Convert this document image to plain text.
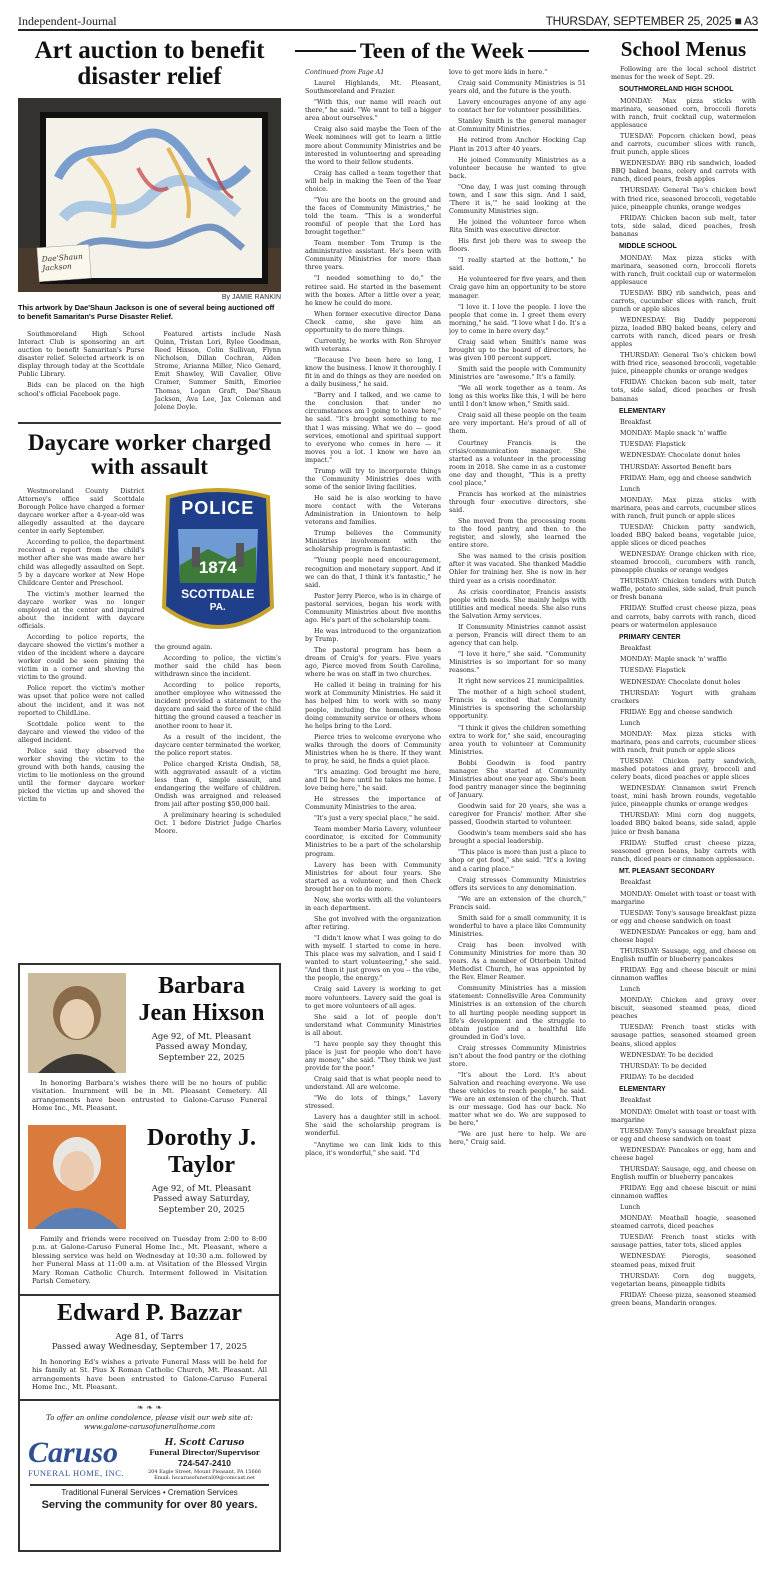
Independent-Journal	THURSDAY, SEPTEMBER 25, 2025 ■ A3
Art auction to benefit disaster relief
Dae'Shaun Jackson
By JAMIE RANKIN
This artwork by Dae'Shaun Jackson is one of several being auctioned off to benefit Samaritan's Purse Disaster Relief.

Southmoreland High School Interact Club is sponsoring an art auction to benefit Samaritan's Purse disaster relief. Selected artwork is on display through today at the Scottdale Public Library.

Bids can be placed on the high school's official Facebook page.

Featured artists include Nash Quinn, Tristan Lori, Rylee Goodman, Reed Hixson, Colin Sullivan, Flynn Nicholson, Dillan Cochran, Aiden Strome, Arianna Miller, Nico Genard, Emit Shawley, Will Cavalier, Olive Cramer, Summer Smith, Emoriee Thomas, Logan Graft, Dae'Shaun Jackson, Ava Lee, Jax Coleman and Jolene Doyle.

Daycare worker charged with assault

Westmoreland County District Attorney's office said Scottdale Borough Police have charged a former daycare worker after a 4-year-old was allegedly assaulted at the daycare center in early September.

According to police, the department received a report from the child's mother after she was made aware her child was allegedly assaulted on Sept. 5 by a daycare worker at New Hope Childcare Center and Preschool.

The victim's mother learned the daycare worker was no longer employed at the center and inquired about the incident with daycare officials.

According to police reports, the daycare showed the victim's mother a video of the incident where a daycare worker could be seen pinning the victim in a corner and shoving the victim to the ground.

Police report the victim's mother was upset that police were not called about the incident, and it was not reported to ChildLine.

Scottdale police went to the daycare and viewed the video of the alleged incident.

Police said they observed the worker shoving the victim to the ground with both hands, causing the victim to lie motionless on the ground until the former daycare worker picked the victim up and shoved the victim to

POLICE
1874
SCOTTDALE
PA.

the ground again.

According to police, the victim's mother said the child has been withdrawn since the incident.

According to police reports, another employee who witnessed the incident provided a statement to the daycare and said the force of the child hitting the ground caused a teacher in another room to hear it.

As a result of the incident, the daycare center terminated the worker, the police report states.

Police charged Krista Ondish, 58, with aggravated assault of a victim less than 6, simple assault, and endangering the welfare of children. Ondish was arraigned and released from jail after posting $50,000 bail.

A preliminary hearing is scheduled Oct. 1 before District Judge Charles Moore.

Barbara Jean Hixson
Age 92, of Mt. Pleasant
Passed away Monday,
September 22, 2025
In honoring Barbara's wishes there will be no hours of public visitation. Inurnment will be in Mt. Pleasant Cemetery. All arrangements have been entrusted to Galone-Caruso Funeral Home Inc., Mt. Pleasant.
Dorothy J. Taylor
Age 92, of Mt. Pleasant
Passed away Saturday,
September 20, 2025
Family and friends were received on Tuesday from 2:00 to 8:00 p.m. at Galone-Caruso Funeral Home Inc., Mt. Pleasant, where a blessing service was held on Wednesday at 10:30 a.m. followed by her Funeral Mass at 11:00 a.m. at Visitation of the Blessed Virgin Mary Roman Catholic Church. Interment followed in Visitation Parish Cemetery.
Edward P. Bazzar
Age 81, of Tarrs
Passed away Wednesday, September 17, 2025
In honoring Ed's wishes a private Funeral Mass will be held for his family at St. Pius X Roman Catholic Church, Mt. Pleasant. All arrangements have been entrusted to Galone-Caruso Funeral Home Inc., Mt. Pleasant.
❧ ❧ ❧
To offer an online condolence, please visit our web site at: www.galone-carusofuneralhome.com
Caruso
FUNERAL HOME, INC.
H. Scott Caruso
Funeral Director/Supervisor
724-547-2410
204 Eagle Street, Mount Pleasant, PA 15666
Email: hscarusofuneral09@comcast.net
Traditional Funeral Services • Cremation Services
Serving the community for over 80 years.
Teen of the Week

Continued from Page A1

Laurel Highlands, Mt. Pleasant, Southmoreland and Frazier.

"With this, our name will reach out there," he said. "We want to tell a bigger area about ourselves."

Craig also said maybe the Teen of the Week nominees will get to learn a little more about Community Ministries and be interested in volunteering and spreading the word to their fellow students.

Craig has called a team together that will help in making the Teen of the Year choice.

"You are the boots on the ground and the faces of Community Ministries," he told the team. "This is a wonderful roomful of people that the Lord has brought together."

Team member Tom Trump is the administrative assistant. He's been with Community Ministries for more than three years.

"I needed something to do," the retiree said. He started in the basement with the boxes. After a little over a year, he knew he could do more.

When former executive director Dana Check came, she gave him an opportunity to do more things.

Currently, he works with Ron Shroyer with veterans.

"Because I've been here so long, I know the business. I know it thoroughly. I fit in and do things as they are needed on a daily business," he said.

"Barry and I talked, and we came to the conclusion that under no circumstances am I going to leave here," he said. "It's brought something to me that I was missing. What we do — good services, emotional and spiritual support to everyone who comes in here — it moves you a lot. I know we have an impact."

Trump will try to incorporate things the Community Ministries does with some of the senior living facilities.

He said he is also working to have more contact with the Veterans Administration in Uniontown to help veterans and families.

Trump believes the Community Ministries involvement with the scholarship program is fantastic.

"Young people need encouragement, recognition and monetary support. And if we can do that, I think it's fantastic," he said.

Pastor Jerry Pierce, who is in charge of pastoral services, began his work with Community Ministries about five months ago. He's part of the scholarship team.

He was introduced to the organization by Trump.

The pastoral program has been a dream of Craig's for years. Five years ago, Pierce moved from South Carolina, where he was on staff in two churches.

He called it being in training for his work at Community Ministries. He said it has helped him to work with so many people, including the homeless, those doing community service or others whom he helps bring to the Lord.

Pierce tries to welcome everyone who walks through the doors of Community Ministries when he is there. If they want to pray, he said, he finds a quiet place.

"It's amazing. God brought me here, and I'll be here until he takes me home. I love being here," he said.

He stresses the importance of Community Ministries to the area.

"It's just a very special place," he said.

Team member Maria Lavery, volunteer coordinator, is excited for Community Ministries to be a part of the scholarship program.

Lavery has been with Community Ministries for about four years. She started as a volunteer, and then Check brought her on to do more.

Now, she works with all the volunteers in each department.

She got involved with the organization after retiring.

"I didn't know what I was going to do with myself. I started to come in here. This place was my salvation, and I said I wanted to start volunteering," she said. "And then it just grows on you -- the vibe, the people, the energy."

Craig said Lavery is working to get more volunteers. Lavery said the goal is to get more volunteers of all ages.

She said a lot of people don't understand what Community Ministries is all about.

"I have people say they thought this place is just for people who don't have any money," she said. "They think we just provide for the poor."

Craig said that is what people need to understand. All are welcome.

"We do lots of things," Lavery stressed.

Lavery has a daughter still in school. She said the scholarship program is wonderful.

"Anytime we can link kids to this place, it's wonderful," she said. "I'd

love to get more kids in here."

Craig said Community Ministries is 51 years old, and the future is the youth.

Lavery encourages anyone of any age to contact her for volunteer possibilities.

Stanley Smith is the general manager at Community Ministries.

He retired from Anchor Hocking Cap Plant in 2013 after 40 years.

He joined Community Ministries as a volunteer because he wanted to give back.

"One day, I was just coming through town, and I saw this sign. And I said, 'There it is,'" he said looking at the Community Ministries sign.

He joined the volunteer force when Rita Smith was executive director.

His first job there was to sweep the floors.

"I really started at the bottom," he said.

He volunteered for five years, and then Craig gave him an opportunity to be store manager.

"I love it. I love the people. I love the people that come in. I greet them every morning," he said. "I love what I do. It's a joy to come in here every day."

Craig said when Smith's name was brought up to the board of directors, he was given 100 percent support.

Smith said the people with Community Ministries are "awesome." It's a family.

"We all work together as a team. As long as this works like this, I will be here until I don't know when," Smith said.

Craig said all these people on the team are very important. He's proud of all of them.

Courtney Francis is the crisis/communication manager. She started as a volunteer in the processing room in 2018. She came in as a customer one day and thought, "This is a pretty cool place."

Francis has worked at the ministries through four executive directors, she said.

She moved from the processing room to the food pantry, and then to the register, and slowly, she learned the entire store.

She was named to the crisis position after it was vacated. She thanked Maddie Ohler for training her. She is now in her third year as a crisis coordinator.

As crisis coordinator, Francis assists people with needs. She mainly helps with utilities and medical needs. She also runs the Salvation Army services.

If Community Ministries cannot assist a person, Francis will direct them to an agency that can help.

"I love it here," she said. "Community Ministries is so important for so many reasons."

It right now services 21 municipalities.

The mother of a high school student, Francis is excited that Community Ministries is sponsoring the scholarship opportunity.

"I think it gives the children something extra to work for," she said, encouraging area youth to volunteer at Community Ministries.

Bobbi Goodwin is food pantry manager. She started at Community Ministries about one year ago. She's been food pantry manager since the beginning of January.

Goodwin said for 20 years, she was a caregiver for Francis' mother. After she passed, Goodwin started to volunteer.

Goodwin's team members said she has brought a special leadership.

"This place is more than just a place to shop or get food," she said. "It's a loving and a caring place."

Craig stresses Community Ministries offers its services to any denomination.

"We are an extension of the church," Francis said.

Smith said for a small community, it is wonderful to have a place like Community Ministries.

Craig has been involved with Community Ministries for more than 30 years. As a member of Otterbein United Methodist Church, he was appointed by the Rev. Elmer Reamer.

Community Ministries has a mission statement: Connellsville Area Community Ministries is an extension of the church to all hurting people needing support in life's development and the struggle to obtain justice and a healthful life grounded in God's love.

Craig stresses Community Ministries isn't about the food pantry or the clothing store.

"It's about the Lord. It's about Salvation and reaching everyone. We use these vehicles to reach people," he said. "We are an extension of the church. That is our message. God has our back. No matter what we do. We are supposed to be here."

"We are just here to help. We are here," Craig said.

School Menus

Following are the local school district menus for the week of Sept. 29.

SOUTHMORELAND HIGH SCHOOL

MONDAY: Max pizza sticks with marinara, seasoned corn, broccoli florets with ranch, fruit cocktail cup, watermelon applesauce

TUESDAY: Popcorn chicken bowl, peas and carrots, cucumber slices with ranch, fruit punch, apple slices

WEDNESDAY: BBQ rib sandwich, loaded BBQ baked beans, celery and carrots with ranch, diced pears, fresh apples

THURSDAY: General Tso's chicken bowl with fried rice, seasoned broccoli, vegetable juice, pineapple chunks, orange wedges

FRIDAY: Chicken bacon sub melt, tater tots, side salad, diced peaches, fresh bananas

MIDDLE SCHOOL

MONDAY: Max pizza sticks with marinara, seasoned corn, broccoli florets with ranch, fruit cocktail cup or watermelon applesauce

TUESDAY: BBQ rib sandwich, peas and carrots, cucumber slices with ranch, fruit punch or apple slices

WEDNESDAY: Big Daddy pepperoni pizza, loaded BBQ baked beans, celery and carrots with ranch, diced pears or fresh apples

THURSDAY: General Tso's chicken bowl with fried rice, seasoned broccoli, vegetable juice, pineapple chunks or orange wedges

FRIDAY: Chicken bacon sub melt, tater tots, side salad, diced peaches or fresh bananas

ELEMENTARY

Breakfast

MONDAY: Maple snack 'n' waffle

TUESDAY: Flapstick

WEDNESDAY: Chocolate donut holes

THURSDAY: Assorted Benefit bars

FRIDAY: Ham, egg and cheese sandwich

Lunch

MONDAY: Max pizza sticks with marinara, peas and carrots, cucumber slices with ranch, fruit punch or apple slices

TUESDAY: Chicken patty sandwich, loaded BBQ baked beans, vegetable juice, apple slices or diced peaches

WEDNESDAY: Orange chicken with rice, steamed broccoli, cucumbers with ranch, pineapple chunks or orange wedges

THURSDAY: Chicken tenders with Dutch waffle, potato smiles, side salad, fruit punch or fresh banana

FRIDAY: Stuffed crust cheese pizza, peas and carrots, baby carrots with ranch, diced pears or watermelon applesauce

PRIMARY CENTER

Breakfast

MONDAY: Maple snack 'n' waffle

TUESDAY: Flapstick

WEDNESDAY: Chocolate donut holes

THURSDAY: Yogurt with graham crackers

FRIDAY: Egg and cheese sandwich

Lunch

MONDAY: Max pizza sticks with marinara, peas and carrots, cucumber slices with ranch, fruit punch or apple slices

TUESDAY: Chicken patty sandwich, mashed potatoes and gravy, broccoli and celery boats, diced peaches or apple slices

WEDNESDAY: Cinnamon swirl French toast, mini hash brown rounds, vegetable juice, pineapple chunks or orange wedges

THURSDAY: Mini corn dog nuggets, loaded BBQ baked beans, side salad, apple juice or fresh banana

FRIDAY: Stuffed crust cheese pizza, seasoned green beans, baby carrots with ranch, diced pears or cinnamon applesauce.

MT. PLEASANT SECONDARY

Breakfast

MONDAY: Omelet with toast or toast with margarine

TUESDAY: Tony's sausage breakfast pizza or egg and cheese sandwich on toast

WEDNESDAY: Pancakes or egg, ham and cheese bagel

THURSDAY: Sausage, egg, and cheese on English muffin or blueberry pancakes

FRIDAY: Egg and cheese biscuit or mini cinnamon waffles

Lunch

MONDAY: Chicken and gravy over biscuit, seasoned steamed peas, diced peaches

TUESDAY: French toast sticks with sausage patties, seasoned steamed green beans, sliced apples

WEDNESDAY: To be decided

THURSDAY: To be decided

FRIDAY: To be decided

ELEMENTARY

Breakfast

MONDAY: Omelet with toast or toast with margarine

TUESDAY: Tony's sausage breakfast pizza or egg and cheese sandwich on toast

WEDNESDAY: Pancakes or egg, ham and cheese bagel

THURSDAY: Sausage, egg, and cheese on English muffin or blueberry pancakes

FRIDAY: Egg and cheese biscuit or mini cinnamon waffles

Lunch

MONDAY: Meatball hoagie, seasoned steamed carrots, diced peaches

TUESDAY: French toast sticks with sausage patties, tater tots, sliced apples

WEDNESDAY: Pierogis, seasoned steamed peas, mixed fruit

THURSDAY: Corn dog nuggets, vegetarian beans, pineapple tidbits

FRIDAY: Cheese pizza, seasoned steamed green beans, Mandarin oranges.
